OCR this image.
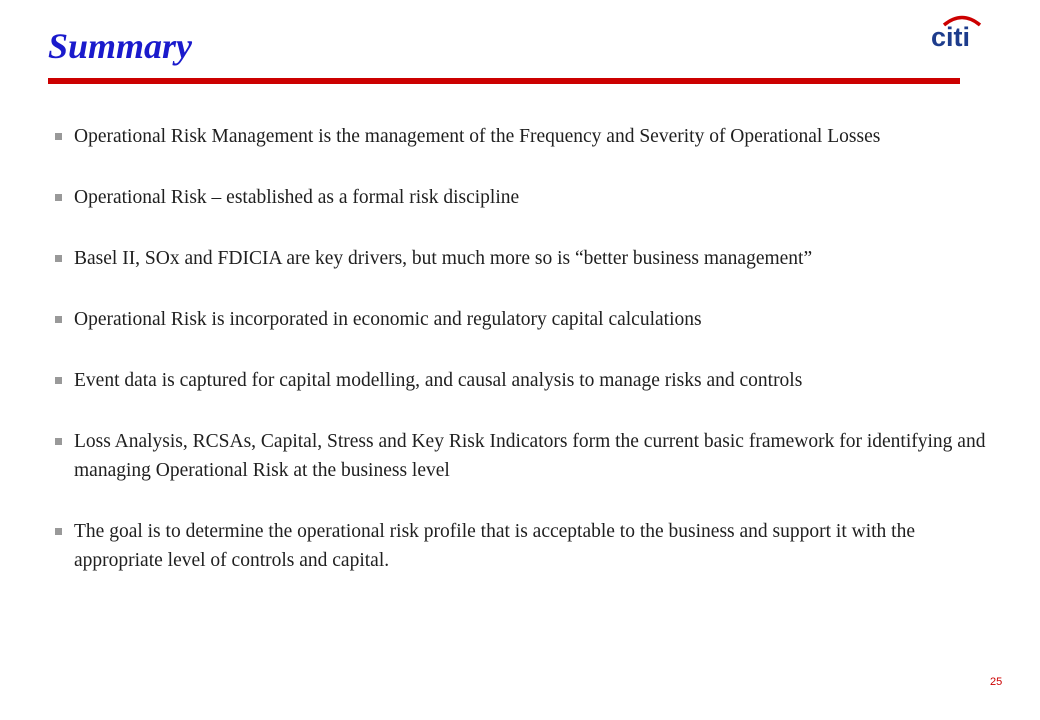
Summary	citi
Operational Risk Management is the management of the Frequency and Severity of Operational Losses
Operational Risk – established as a formal risk discipline
Basel II, SOx and FDICIA are key drivers, but much more so is “better business management”
Operational Risk is incorporated in economic and regulatory capital calculations
Event data is captured for capital modelling, and causal analysis to manage risks and controls
Loss Analysis, RCSAs, Capital, Stress and Key Risk Indicators form the current basic framework for identifying and managing Operational Risk at the business level
The goal is to determine the operational risk profile that is acceptable to the business and support it with the appropriate level of controls and capital.
25
